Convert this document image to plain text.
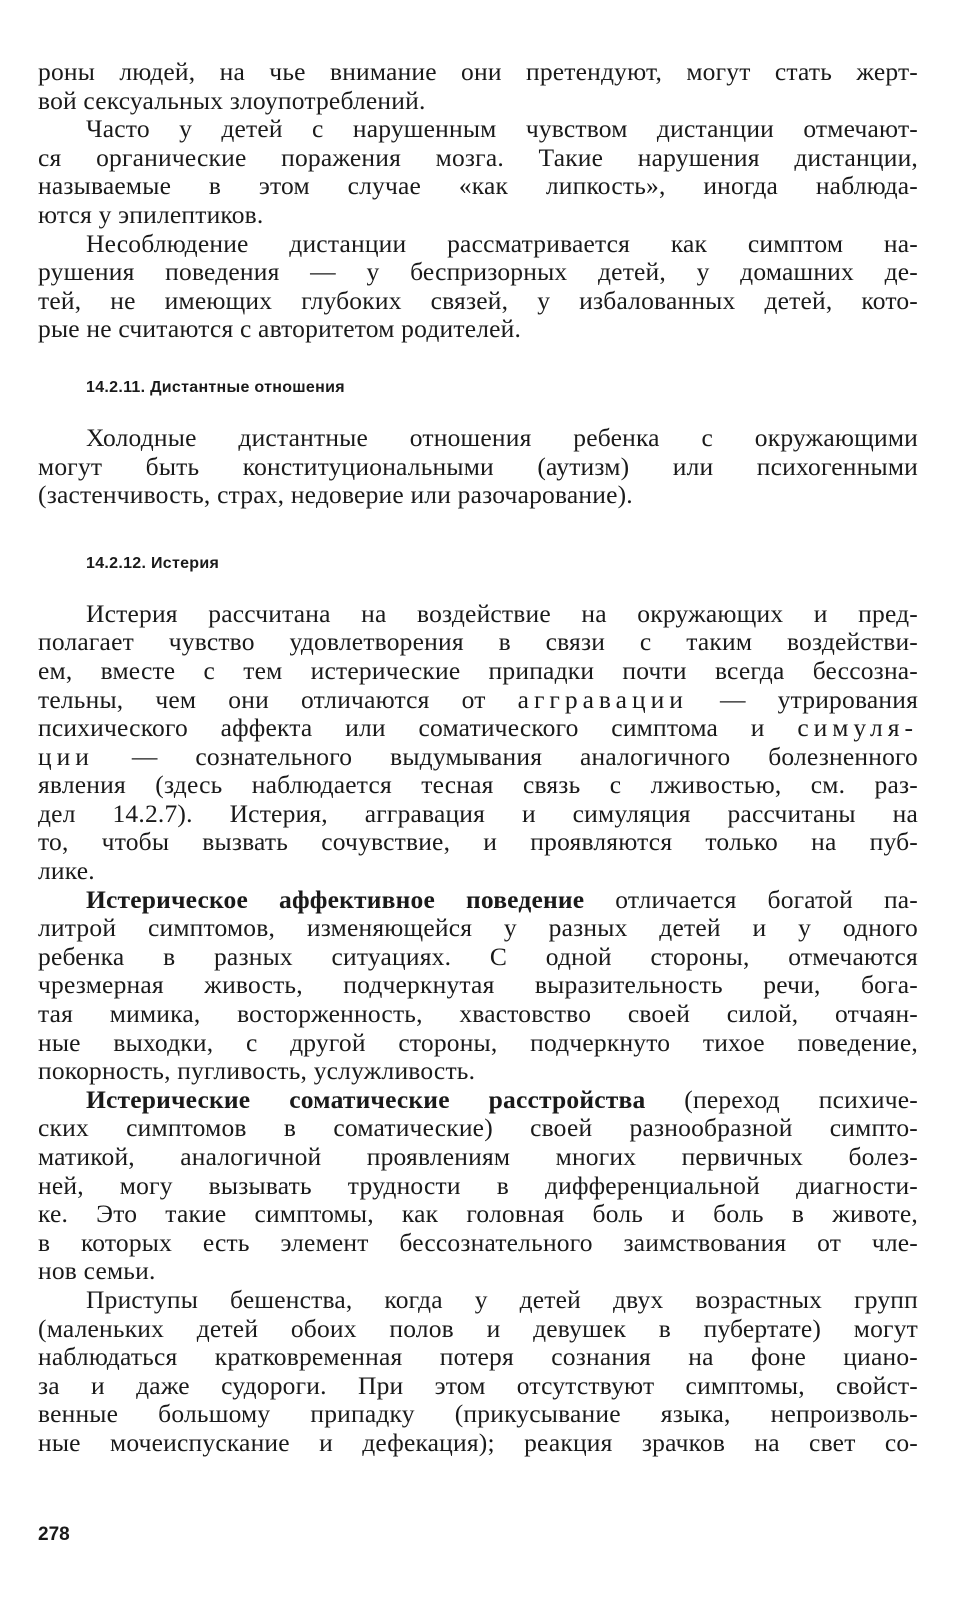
роны людей, на чье внимание они претендуют, могут стать жерт-
вой сексуальных злоупотреблений.
Часто у детей с нарушенным чувством дистанции отмечают-
ся органические поражения мозга. Такие нарушения дистанции,
называемые в этом случае «как липкость», иногда наблюда-
ются у эпилептиков.
Несоблюдение дистанции рассматривается как симптом на-
рушения поведения — у беспризорных детей, у домашних де-
тей, не имеющих глубоких связей, у избалованных детей, кото-
рые не считаются с авторитетом родителей.
14.2.11. Дистантные отношения
Холодные дистантные отношения ребенка с окружающими
могут быть конституциональными (аутизм) или психогенными
(застенчивость, страх, недоверие или разочарование).
14.2.12. Истерия
Истерия рассчитана на воздействие на окружающих и пред-
полагает чувство удовлетворения в связи с таким воздействи-
ем, вместе с тем истерические припадки почти всегда бессозна-
тельны, чем они отличаются от аггравации — утрирования
психического аффекта или соматического симптома и симуля-
ции — сознательного выдумывания аналогичного болезненного
явления (здесь наблюдается тесная связь с лживостью, см. раз-
дел 14.2.7). Истерия, аггравация и симуляция рассчитаны на
то, чтобы вызвать сочувствие, и проявляются только на пуб-
лике.
Истерическое аффективное поведение отличается богатой па-
литрой симптомов, изменяющейся у разных детей и у одного
ребенка в разных ситуациях. С одной стороны, отмечаются
чрезмерная живость, подчеркнутая выразительность речи, бога-
тая мимика, восторженность, хвастовство своей силой, отчаян-
ные выходки, с другой стороны, подчеркнуто тихое поведение,
покорность, пугливость, услужливость.
Истерические соматические расстройства (переход психиче-
ских симптомов в соматические) своей разнообразной симпто-
матикой, аналогичной проявлениям многих первичных болез-
ней, могу вызывать трудности в дифференциальной диагности-
ке. Это такие симптомы, как головная боль и боль в животе,
в которых есть элемент бессознательного заимствования от чле-
нов семьи.
Приступы бешенства, когда у детей двух возрастных групп
(маленьких детей обоих полов и девушек в пубертате) могут
наблюдаться кратковременная потеря сознания на фоне циано-
за и даже судороги. При этом отсутствуют симптомы, свойст-
венные большому припадку (прикусывание языка, непроизволь-
ные мочеиспускание и дефекация); реакция зрачков на свет со-
278
